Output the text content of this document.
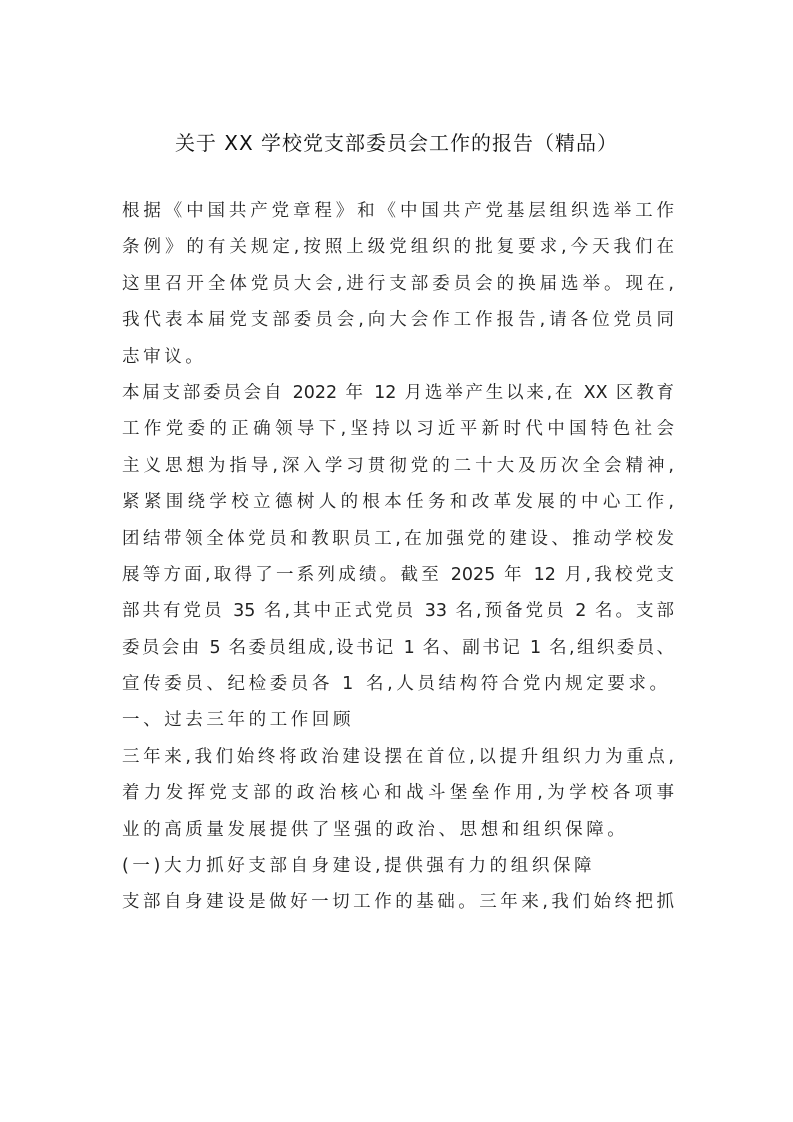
关于 XX 学校党支部委员会工作的报告（精品）
根据《中国共产党章程》和《中国共产党基层组织选举工作
条例》的有关规定,按照上级党组织的批复要求,今天我们在
这里召开全体党员大会,进行支部委员会的换届选举。现在,
我代表本届党支部委员会,向大会作工作报告,请各位党员同
志审议。
本届支部委员会自 2022 年 12 月选举产生以来,在 XX 区教育
工作党委的正确领导下,坚持以习近平新时代中国特色社会
主义思想为指导,深入学习贯彻党的二十大及历次全会精神,
紧紧围绕学校立德树人的根本任务和改革发展的中心工作,
团结带领全体党员和教职员工,在加强党的建设、推动学校发
展等方面,取得了一系列成绩。截至 2025 年 12 月,我校党支
部共有党员 35 名,其中正式党员 33 名,预备党员 2 名。支部
委员会由 5 名委员组成,设书记 1 名、副书记 1 名,组织委员、
宣传委员、纪检委员各 1 名,人员结构符合党内规定要求。
一、过去三年的工作回顾
三年来,我们始终将政治建设摆在首位,以提升组织力为重点,
着力发挥党支部的政治核心和战斗堡垒作用,为学校各项事
业的高质量发展提供了坚强的政治、思想和组织保障。
(一)大力抓好支部自身建设,提供强有力的组织保障
支部自身建设是做好一切工作的基础。三年来,我们始终把抓
